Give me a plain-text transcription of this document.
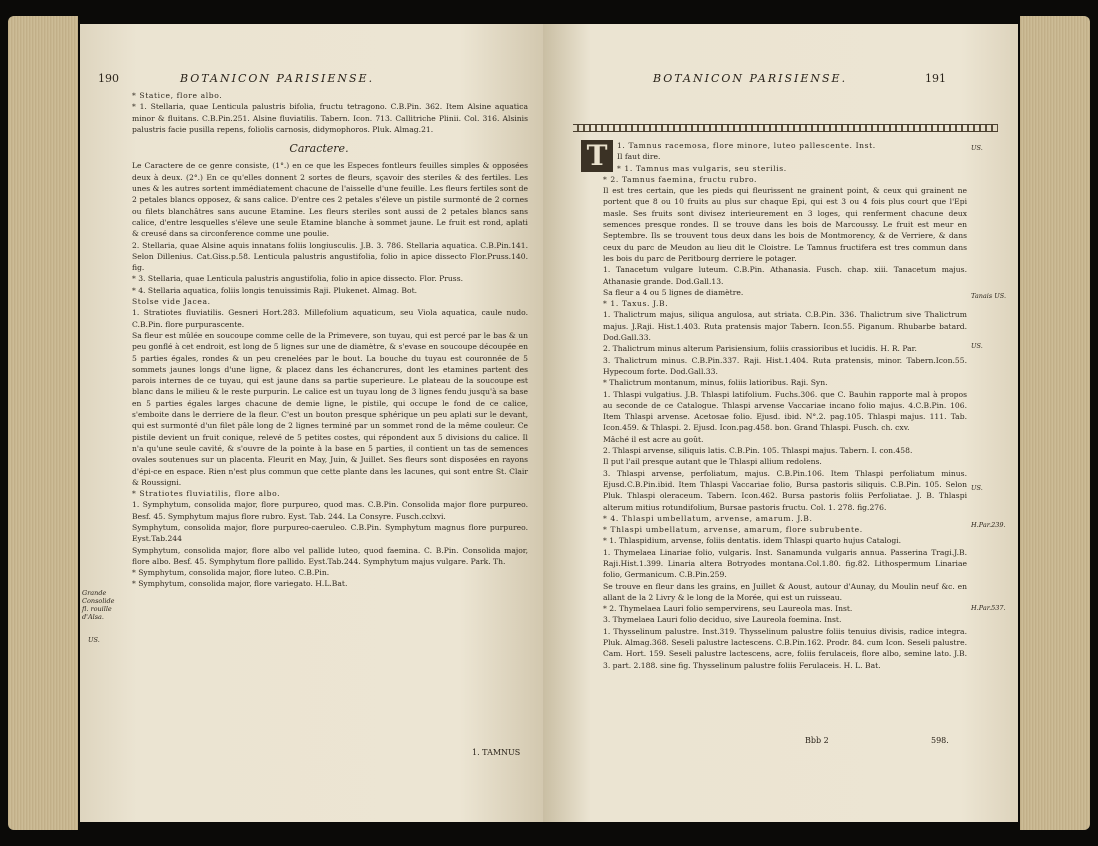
190	BOTANICON PARISIENSE.

* Statice, flore albo.

* 1. Stellaria, quae Lenticula palustris bifolia, fructu tetragono. C.B.Pin. 362. Item Alsine aquatica minor & fluitans. C.B.Pin.251. Alsine fluviatilis. Tabern. Icon. 713. Callitriche Plinii. Col. 316. Alsinis palustris facie pusilla repens, foliolis carnosis, didymophoros. Pluk. Almag.21.

Caractere.

Le Caractere de ce genre consiste, (1°.) en ce que les Especes fontleurs feuilles simples & opposées deux à deux. (2°.) En ce qu'elles donnent 2 sortes de fleurs, sçavoir des steriles & des fertiles. Les unes & les autres sortent immédiatement chacune de l'aisselle d'une feuille. Les fleurs fertiles sont de 2 petales blancs opposez, & sans calice. D'entre ces 2 petales s'éleve un pistile surmonté de 2 cornes ou filets blanchâtres sans aucune Etamine. Les fleurs steriles sont aussi de 2 petales blancs sans calice, d'entre lesquelles s'éleve une seule Etamine blanche à sommet jaune. Le fruit est rond, aplati & creusé dans sa circonference comme une poulie.

2. Stellaria, quae Alsine aquis innatans foliis longiusculis. J.B. 3. 786. Stellaria aquatica. C.B.Pin.141. Selon Dillenius. Cat.Giss.p.58. Lenticula palustris angustifolia, folio in apice dissecto Flor.Pruss.140. fig.

* 3. Stellaria, quae Lenticula palustris angustifolia, folio in apice dissecto. Flor. Pruss.

* 4. Stellaria aquatica, foliis longis tenuissimis Raji. Plukenet. Almag. Bot.

Stolse vide Jacea.

1. Stratiotes fluviatilis. Gesneri Hort.283. Millefolium aquaticum, seu Viola aquatica, caule nudo. C.B.Pin. flore purpurascente.

Sa fleur est mûlée en soucoupe comme celle de la Primevere, son tuyau, qui est percé par le bas & un peu gonflé à cet endroit, est long de 5 lignes sur une de diamètre, & s'evase en soucoupe découpée en 5 parties égales, rondes & un peu crenelées par le bout. La bouche du tuyau est couronnée de 5 sommets jaunes longs d'une ligne, & placez dans les échancrures, dont les etamines partent des parois internes de ce tuyau, qui est jaune dans sa partie superieure. Le plateau de la soucoupe est blanc dans le milieu & le reste purpurin. Le calice est un tuyau long de 3 lignes fendu jusqu'à sa base en 5 parties égales larges chacune de demie ligne, le pistile, qui occupe le fond de ce calice, s'emboite dans le derriere de la fleur. C'est un bouton presque sphérique un peu aplati sur le devant, qui est surmonté d'un filet pâle long de 2 lignes terminé par un sommet rond de la même couleur. Ce pistile devient un fruit conique, relevé de 5 petites costes, qui répondent aux 5 divisions du calice. Il n'a qu'une seule cavité, & s'ouvre de la pointe à la base en 5 parties, il contient un tas de semences ovales soutenues sur un placenta. Fleurit en May, Juin, & Juillet. Ses fleurs sont disposées en rayons d'épi-ce en espace. Rien n'est plus commun que cette plante dans les lacunes, qui sont entre St. Clair & Roussigni.

* Stratiotes fluviatilis, flore albo.

1. Symphytum, consolida major, flore purpureo, quod mas. C.B.Pin. Consolida major flore purpureo. Besf. 45. Symphytum majus flore rubro. Eyst. Tab. 244. La Consyre. Fusch.cclxvi.

Symphytum, consolida major, flore purpureo-caeruleo. C.B.Pin. Symphytum magnus flore purpureo. Eyst.Tab.244

Symphytum, consolida major, flore albo vel pallide luteo, quod faemina. C. B.Pin. Consolida major, flore albo. Besf. 45. Symphytum flore pallido. Eyst.Tab.244. Symphytum majus vulgare. Park. Th.

* Symphytum, consolida major, flore luteo. C.B.Pin.

* Symphytum, consolida major, flore variegato. H.L.Bat.

Grande Consolide fl. rouille d'Alsa.
US.
1. TAMNUS
BOTANICON PARISIENSE.	191
T	1. Tamnus racemosa, flore minore, luteo pallescente. Inst.

Il faut dire.

* 1. Tamnus mas vulgaris, seu sterilis.

* 2. Tamnus faemina, fructu rubro.

Il est tres certain, que les pieds qui fleurissent ne grainent point, & ceux qui grainent ne portent que 8 ou 10 fruits au plus sur chaque Epi, qui est 3 ou 4 fois plus court que l'Epi masle. Ses fruits sont divisez interieurement en 3 loges, qui renferment chacune deux semences presque rondes. Il se trouve dans les bois de Marcoussy. Le fruit est meur en Septembre. Ils se trouvent tous deux dans les bois de Montmorency, & de Verriere, & dans ceux du parc de Meudon au lieu dit le Cloistre. Le Tamnus fructifera est tres commun dans les bois du parc de Peritbourg derriere le potager.

1. Tanacetum vulgare luteum. C.B.Pin. Athanasia. Fusch. chap. xiii. Tanacetum majus. Athanasie grande. Dod.Gall.13.

Sa fleur a 4 ou 5 lignes de diamètre.

* 1. Taxus. J.B.

1. Thalictrum majus, siliqua angulosa, aut striata. C.B.Pin. 336. Thalictrum sive Thalictrum majus. J.Raji. Hist.1.403. Ruta pratensis major Tabern. Icon.55. Piganum. Rhubarbe batard. Dod.Gall.33.

2. Thalictrum minus alterum Parisiensium, foliis crassioribus et lucidis. H. R. Par.

3. Thalictrum minus. C.B.Pin.337. Raji. Hist.1.404. Ruta pratensis, minor. Tabern.Icon.55. Hypecoum forte. Dod.Gall.33.

* Thalictrum montanum, minus, foliis latioribus. Raji. Syn.

1. Thlaspi vulgatius. J.B. Thlaspi latifolium. Fuchs.306. que C. Bauhin rapporte mal à propos au seconde de ce Catalogue. Thlaspi arvense Vaccariae incano folio majus. 4.C.B.Pin. 106. Item Thlaspi arvense. Acetosae folio. Ejusd. ibid. N°.2. pag.105. Thlaspi majus. 111. Tab. Icon.459. & Thlaspi. 2. Ejusd. Icon.pag.458. bon. Grand Thlaspi. Fusch. ch. cxv.

Mâché il est acre au goût.

2. Thlaspi arvense, siliquis latis. C.B.Pin. 105. Thlaspi majus. Tabern. I. con.458.

Il put l'ail presque autant que le Thlaspi allium redolens.

3. Thlaspi arvense, perfoliatum, majus. C.B.Pin.106. Item Thlaspi perfoliatum minus. Ejusd.C.B.Pin.ibid. Item Thlaspi Vaccariae folio, Bursa pastoris siliquis. C.B.Pin. 105. Selon Pluk. Thlaspi oleraceum. Tabern. Icon.462. Bursa pastoris foliis Perfoliatae. J. B. Thlaspi alterum mitius rotundifolium, Bursae pastoris fructu. Col. 1. 278. fig.276.

* 4. Thlaspi umbellatum, arvense, amarum. J.B.

* Thlaspi umbellatum, arvense, amarum, flore subrubente.

* 1. Thlaspidium, arvense, foliis dentatis. idem Thlaspi quarto hujus Catalogi.

1. Thymelaea Linariae folio, vulgaris. Inst. Sanamunda vulgaris annua. Passerina Tragi.J.B. Raji.Hist.1.399. Linaria altera Botryodes montana.Col.1.80. fig.82. Lithospermum Linariae folio, Germanicum. C.B.Pin.259.

Se trouve en fleur dans les grains, en Juillet & Aoust, autour d'Aunay, du Moulin neuf &c. en allant de la 2 Livry & le long de la Morée, qui est un ruisseau.

* 2. Thymelaea Lauri folio sempervirens, seu Laureola mas. Inst.

3. Thymelaea Lauri folio deciduo, sive Laureola foemina. Inst.

1. Thysselinum palustre. Inst.319. Thysselinum palustre foliis tenuius divisis, radice integra. Pluk. Almag.368. Seseli palustre lactescens. C.B.Pin.162. Prodr. 84. cum Icon. Seseli palustre. Cam. Hort. 159. Seseli palustre lactescens, acre, foliis ferulaceis, flore albo, semine lato. J.B. 3. part. 2.188. sine fig. Thysselinum palustre foliis Ferulaceis. H. L. Bat.

US.
Tanais US.
US.
US.
H.Par.239.
H.Par.537.
Bbb 2	598.
